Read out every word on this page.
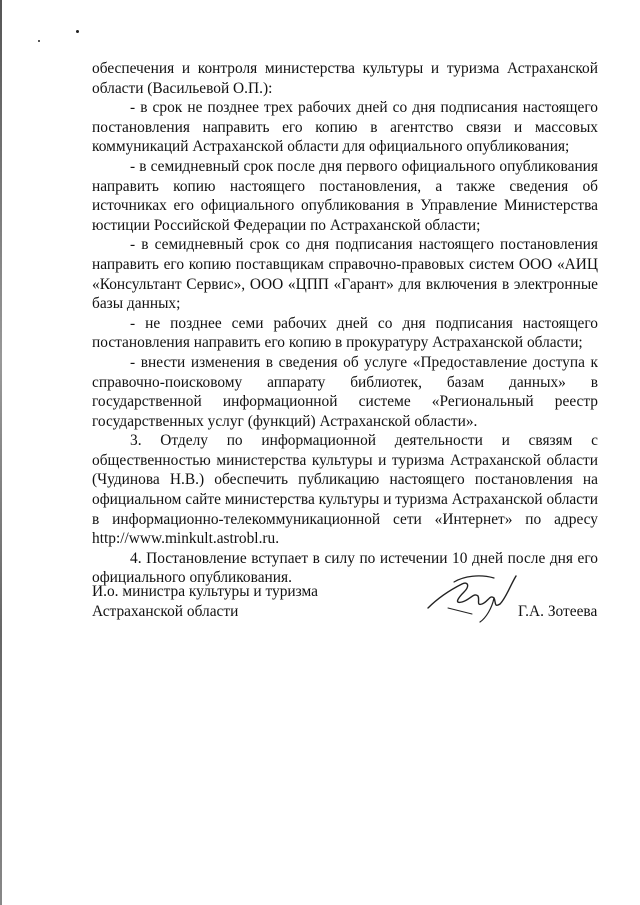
обеспечения и контроля министерства культуры и туризма Астраханской области (Васильевой О.П.):

- в срок не позднее трех рабочих дней со дня подписания настоящего постановления направить его копию в агентство связи и массовых коммуникаций Астраханской области для официального опубликования;

- в семидневный срок после дня первого официального опубликования направить копию настоящего постановления, а также сведения об источниках его официального опубликования в Управление Министерства юстиции Российской Федерации по Астраханской области;

- в семидневный срок со дня подписания настоящего постановления направить его копию поставщикам справочно-правовых систем ООО «АИЦ «Консультант Сервис», ООО «ЦПП «Гарант» для включения в электронные базы данных;

- не позднее семи рабочих дней со дня подписания настоящего постановления направить его копию в прокуратуру Астраханской области;

- внести изменения в сведения об услуге «Предоставление доступа к справочно-поисковому аппарату библиотек, базам данных» в государственной информационной системе «Региональный реестр государственных услуг (функций) Астраханской области».

3. Отделу по информационной деятельности и связям с общественностью министерства культуры и туризма Астраханской области (Чудинова Н.В.) обеспечить публикацию настоящего постановления на официальном сайте министерства культуры и туризма Астраханской области в информационно-телекоммуникационной сети «Интернет» по адресу http://www.minkult.astrobl.ru.

4. Постановление вступает в силу по истечении 10 дней после дня его официального опубликования.

И.о. министра культуры и туризма
Астраханской области	Г.А. Зотеева
